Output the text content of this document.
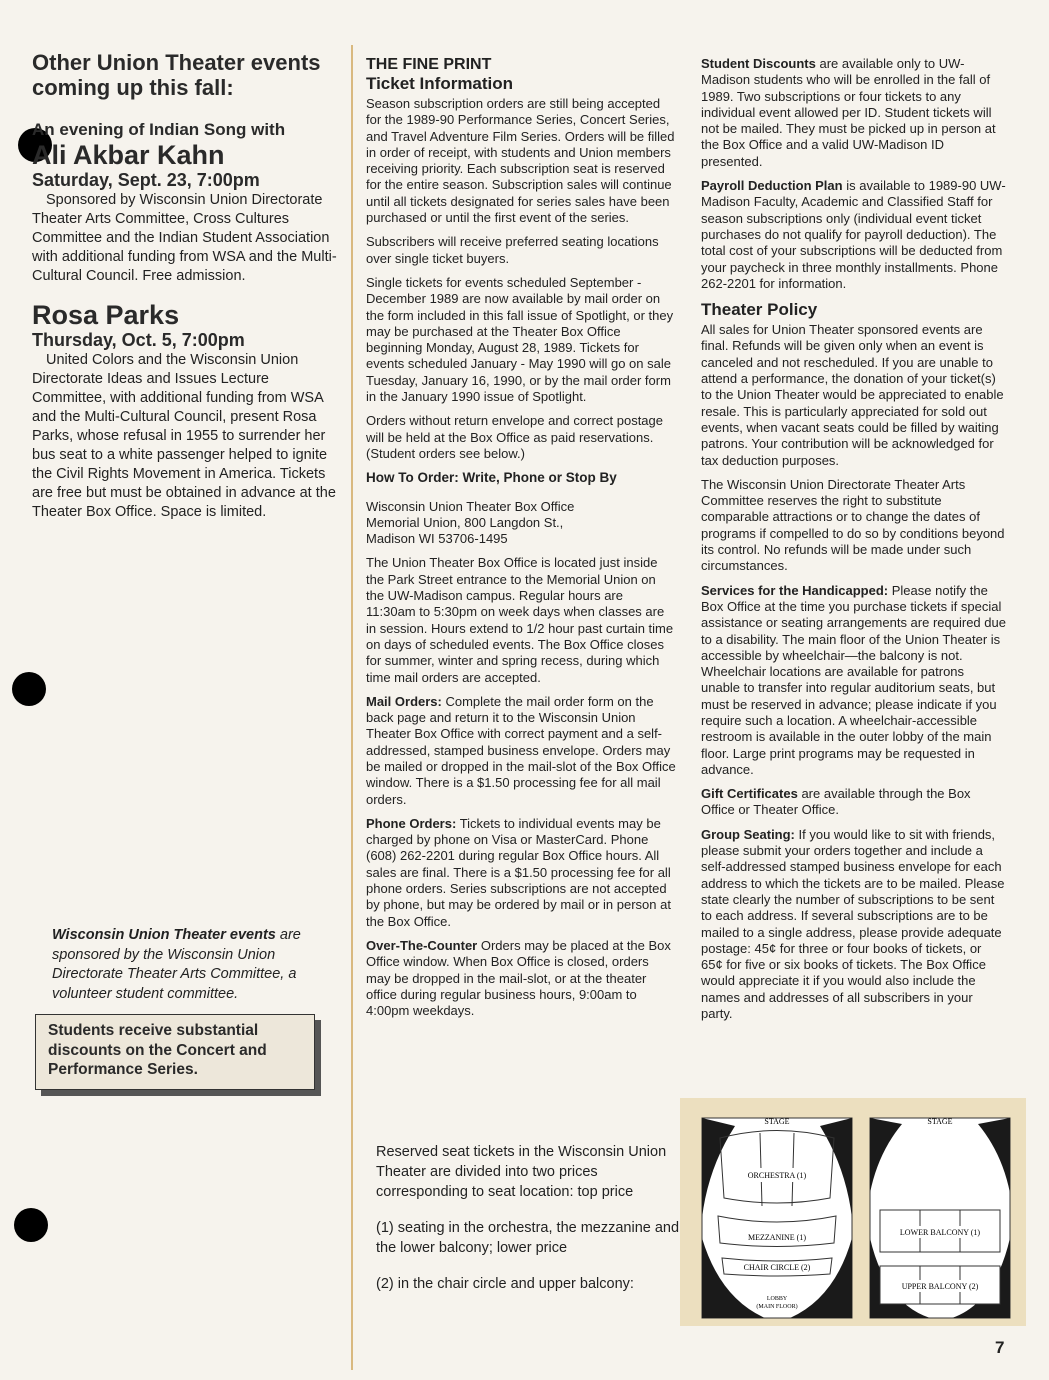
Other Union Theater events coming up this fall:

An evening of Indian Song with

Ali Akbar Kahn

Saturday, Sept. 23, 7:00pm

Sponsored by Wisconsin Union Directorate Theater Arts Committee, Cross Cultures Committee and the Indian Student Association with additional funding from WSA and the Multi-Cultural Council. Free admission.

Rosa Parks

Thursday, Oct. 5, 7:00pm

United Colors and the Wisconsin Union Directorate Ideas and Issues Lecture Committee, with additional funding from WSA and the Multi-Cultural Council, present Rosa Parks, whose refusal in 1955 to surrender her bus seat to a white passenger helped to ignite the Civil Rights Movement in America. Tickets are free but must be obtained in advance at the Theater Box Office. Space is limited.

Wisconsin Union Theater events are sponsored by the Wisconsin Union Directorate Theater Arts Committee, a volunteer student committee.
Students receive substantial discounts on the Concert and Performance Series.

THE FINE PRINT

Ticket Information

Season subscription orders are still being accepted for the 1989-90 Performance Series, Concert Series, and Travel Adventure Film Series. Orders will be filled in order of receipt, with students and Union members receiving priority. Each subscription seat is reserved for the entire season. Subscription sales will continue until all tickets designated for series sales have been purchased or until the first event of the series.

Subscribers will receive preferred seating locations over single ticket buyers.

Single tickets for events scheduled September - December 1989 are now available by mail order on the form included in this fall issue of Spotlight, or they may be purchased at the Theater Box Office beginning Monday, August 28, 1989. Tickets for events scheduled January - May 1990 will go on sale Tuesday, January 16, 1990, or by the mail order form in the January 1990 issue of Spotlight.

Orders without return envelope and correct postage will be held at the Box Office as paid reservations. (Student orders see below.)

How To Order: Write, Phone or Stop By

Wisconsin Union Theater Box Office

Memorial Union, 800 Langdon St.,

Madison WI 53706-1495

The Union Theater Box Office is located just inside the Park Street entrance to the Memorial Union on the UW-Madison campus. Regular hours are 11:30am to 5:30pm on week days when classes are in session. Hours extend to 1/2 hour past curtain time on days of scheduled events. The Box Office closes for summer, winter and spring recess, during which time mail orders are accepted.

Mail Orders: Complete the mail order form on the back page and return it to the Wisconsin Union Theater Box Office with correct payment and a self-addressed, stamped business envelope. Orders may be mailed or dropped in the mail-slot of the Box Office window. There is a $1.50 processing fee for all mail orders.

Phone Orders: Tickets to individual events may be charged by phone on Visa or MasterCard. Phone (608) 262-2201 during regular Box Office hours. All sales are final. There is a $1.50 processing fee for all phone orders. Series subscriptions are not accepted by phone, but may be ordered by mail or in person at the Box Office.

Over-The-Counter Orders may be placed at the Box Office window. When Box Office is closed, orders may be dropped in the mail-slot, or at the theater office during regular business hours, 9:00am to 4:00pm weekdays.

Student Discounts are available only to UW-Madison students who will be enrolled in the fall of 1989. Two subscriptions or four tickets to any individual event allowed per ID. Student tickets will not be mailed. They must be picked up in person at the Box Office and a valid UW-Madison ID presented.

Payroll Deduction Plan is available to 1989-90 UW-Madison Faculty, Academic and Classified Staff for season subscriptions only (individual event ticket purchases do not qualify for payroll deduction). The total cost of your subscriptions will be deducted from your paycheck in three monthly installments. Phone 262-2201 for information.

Theater Policy

All sales for Union Theater sponsored events are final. Refunds will be given only when an event is canceled and not rescheduled. If you are unable to attend a performance, the donation of your ticket(s) to the Union Theater would be appreciated to enable resale. This is particularly appreciated for sold out events, when vacant seats could be filled by waiting patrons. Your contribution will be acknowledged for tax deduction purposes.

The Wisconsin Union Directorate Theater Arts Committee reserves the right to substitute comparable attractions or to change the dates of programs if compelled to do so by conditions beyond its control. No refunds will be made under such circumstances.

Services for the Handicapped: Please notify the Box Office at the time you purchase tickets if special assistance or seating arrangements are required due to a disability. The main floor of the Union Theater is accessible by wheelchair—the balcony is not. Wheelchair locations are available for patrons unable to transfer into regular auditorium seats, but must be reserved in advance; please indicate if you require such a location. A wheelchair-accessible restroom is available in the outer lobby of the main floor. Large print programs may be requested in advance.

Gift Certificates are available through the Box Office or Theater Office.

Group Seating: If you would like to sit with friends, please submit your orders together and include a self-addressed stamped business envelope for each address to which the tickets are to be mailed. Please state clearly the number of subscriptions to be sent to each address. If several subscriptions are to be mailed to a single address, please provide adequate postage: 45¢ for three or four books of tickets, or 65¢ for five or six books of tickets. The Box Office would appreciate it if you would also include the names and addresses of all subscribers in your party.

Reserved seat tickets in the Wisconsin Union Theater are divided into two prices corresponding to seat location: top price

(1) seating in the orchestra, the mezzanine and the lower balcony; lower price

(2) in the chair circle and upper balcony:

STAGE
ORCHESTRA (1)
MEZZANINE (1)
CHAIR CIRCLE (2)
LOBBY
(MAIN FLOOR)
STAGE
LOWER BALCONY (1)
UPPER BALCONY (2)
7
